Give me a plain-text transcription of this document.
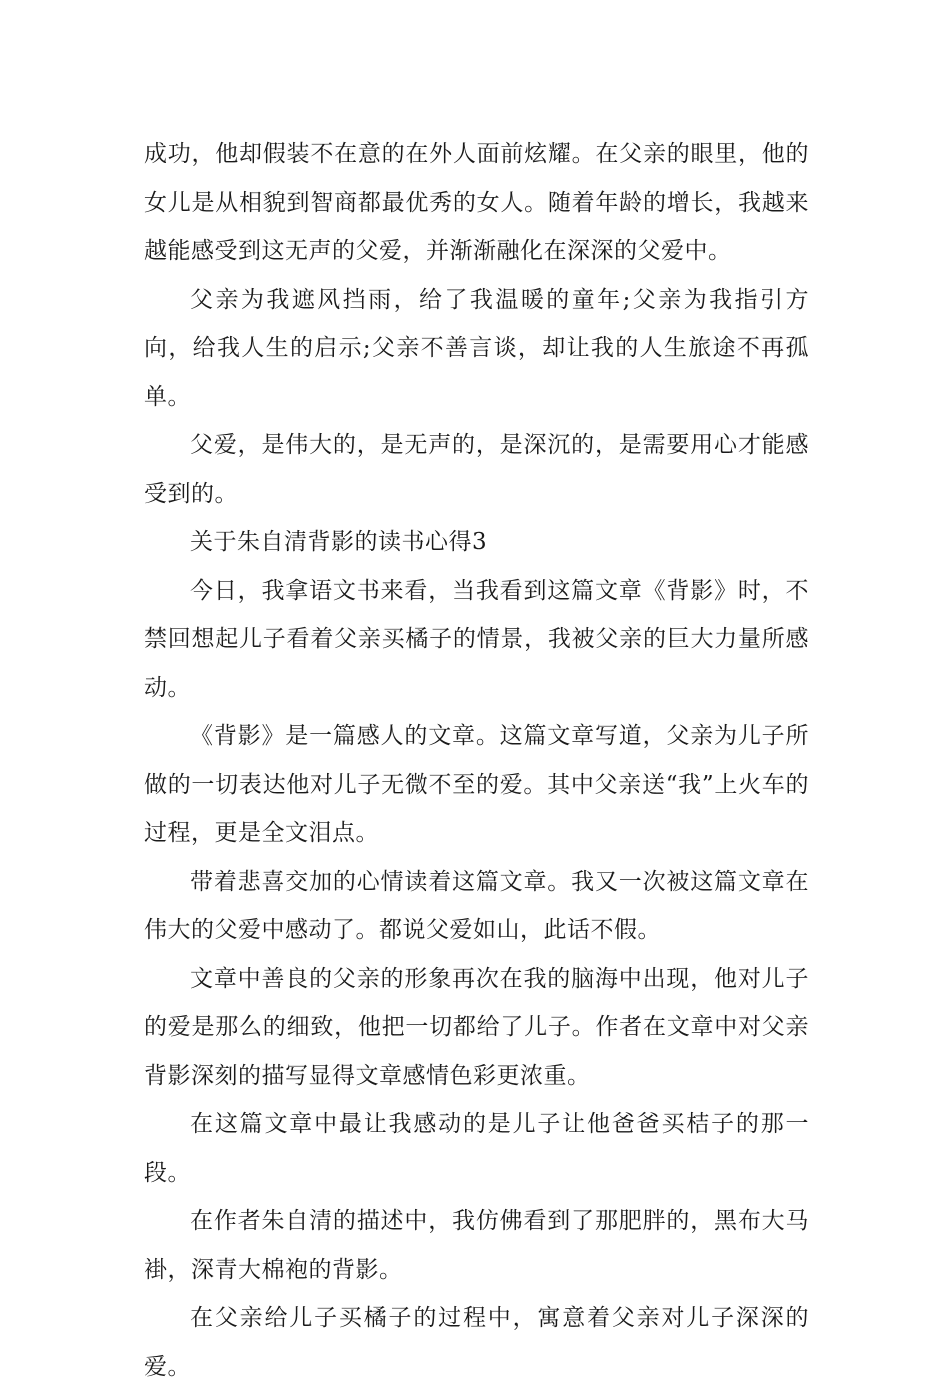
成功，他却假装不在意的在外人面前炫耀。在父亲的眼里，他的女儿是从相貌到智商都最优秀的女人。随着年龄的增长，我越来越能感受到这无声的父爱，并渐渐融化在深深的父爱中。

父亲为我遮风挡雨，给了我温暖的童年;父亲为我指引方向，给我人生的启示;父亲不善言谈，却让我的人生旅途不再孤单。

父爱，是伟大的，是无声的，是深沉的，是需要用心才能感受到的。

关于朱自清背影的读书心得3

今日，我拿语文书来看，当我看到这篇文章《背影》时，不禁回想起儿子看着父亲买橘子的情景，我被父亲的巨大力量所感动。

《背影》是一篇感人的文章。这篇文章写道，父亲为儿子所做的一切表达他对儿子无微不至的爱。其中父亲送“我”上火车的过程，更是全文泪点。

带着悲喜交加的心情读着这篇文章。我又一次被这篇文章在伟大的父爱中感动了。都说父爱如山，此话不假。

文章中善良的父亲的形象再次在我的脑海中出现，他对儿子的爱是那么的细致，他把一切都给了儿子。作者在文章中对父亲背影深刻的描写显得文章感情色彩更浓重。

在这篇文章中最让我感动的是儿子让他爸爸买桔子的那一段。

在作者朱自清的描述中，我仿佛看到了那肥胖的，黑布大马褂，深青大棉袍的背影。

在父亲给儿子买橘子的过程中，寓意着父亲对儿子深深的爱。
